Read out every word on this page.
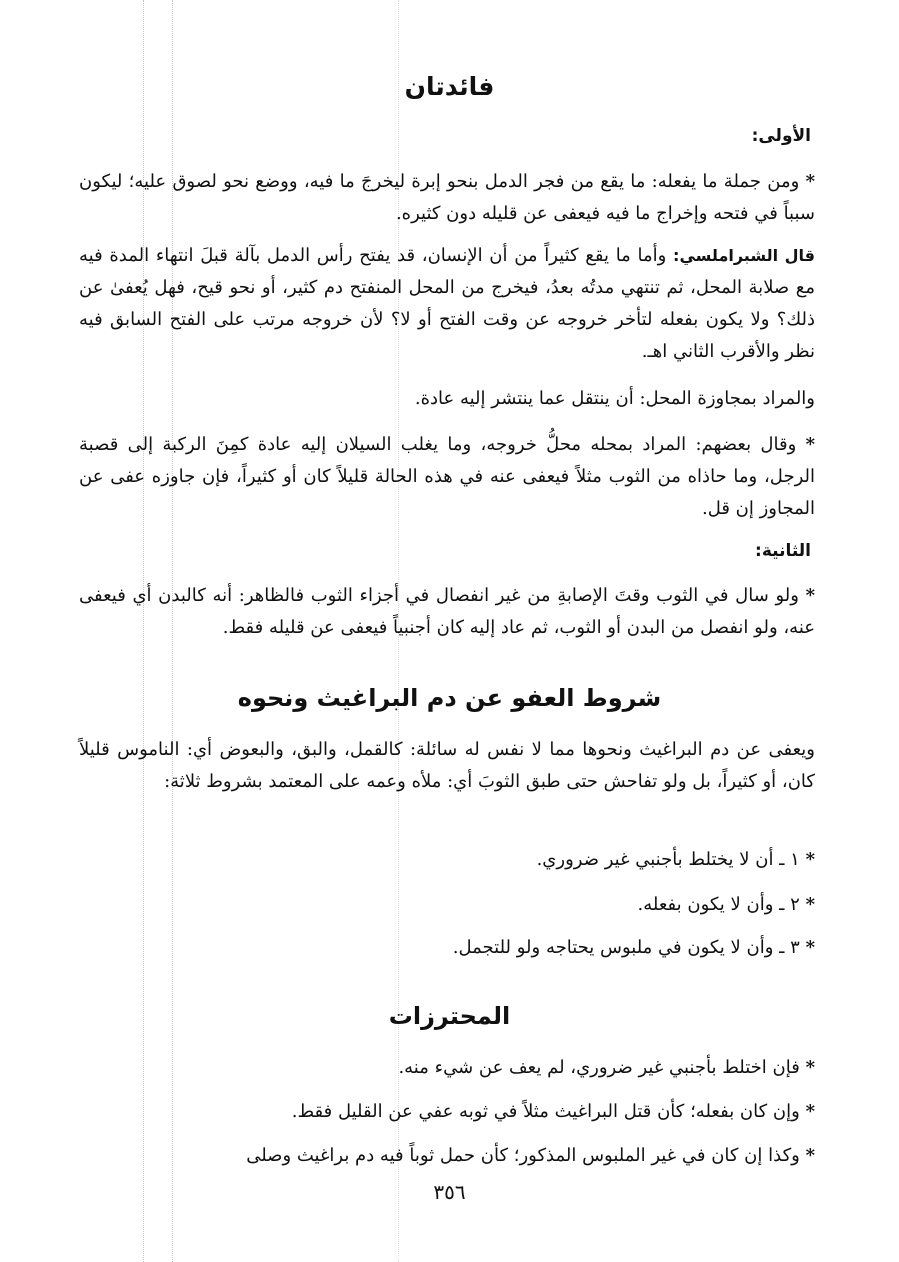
فائدتان
الأولى:
* ومن جملة ما يفعله: ما يقع من فجر الدمل بنحو إبرة ليخرجَ ما فيه، ووضع نحو لصوق عليه؛ ليكون سبباً في فتحه وإخراج ما فيه فيعفى عن قليله دون كثيره.
قال الشبراملسي: وأما ما يقع كثيراً من أن الإنسان، قد يفتح رأس الدمل بآلة قبلَ انتهاء المدة فيه مع صلابة المحل، ثم تنتهي مدتُه بعدُ، فيخرج من المحل المنفتح دم كثير، أو نحو قيح، فهل يُعفىٰ عن ذلك؟ ولا يكون بفعله لتأخر خروجه عن وقت الفتح أو لا؟ لأن خروجه مرتب على الفتح السابق فيه نظر والأقرب الثاني اهـ.
والمراد بمجاوزة المحل: أن ينتقل عما ينتشر إليه عادة.
* وقال بعضهم: المراد بمحله محلُّ خروجه، وما يغلب السيلان إليه عادة كمِنَ الركبة إلى قصبة الرجل، وما حاذاه من الثوب مثلاً فيعفى عنه في هذه الحالة قليلاً كان أو كثيراً، فإن جاوزه عفى عن المجاوز إن قل.
الثانية:
* ولو سال في الثوب وقتَ الإصابةِ من غير انفصال في أجزاء الثوب فالظاهر: أنه كالبدن أي فيعفى عنه، ولو انفصل من البدن أو الثوب، ثم عاد إليه كان أجنبياً فيعفى عن قليله فقط.
شروط العفو عن دم البراغيث ونحوه
ويعفى عن دم البراغيث ونحوها مما لا نفس له سائلة: كالقمل، والبق، والبعوض أي: الناموس قليلاً كان، أو كثيراً، بل ولو تفاحش حتى طبق الثوبَ أي: ملأه وعمه على المعتمد بشروط ثلاثة:
* ١ ـ أن لا يختلط بأجنبي غير ضروري.
* ٢ ـ وأن لا يكون بفعله.
* ٣ ـ وأن لا يكون في ملبوس يحتاجه ولو للتجمل.
المحترزات
* فإن اختلط بأجنبي غير ضروري، لم يعف عن شيء منه.
* وإن كان بفعله؛ كأن قتل البراغيث مثلاً في ثوبه عفي عن القليل فقط.
* وكذا إن كان في غير الملبوس المذكور؛ كأن حمل ثوباً فيه دم براغيث وصلى
٣٥٦
